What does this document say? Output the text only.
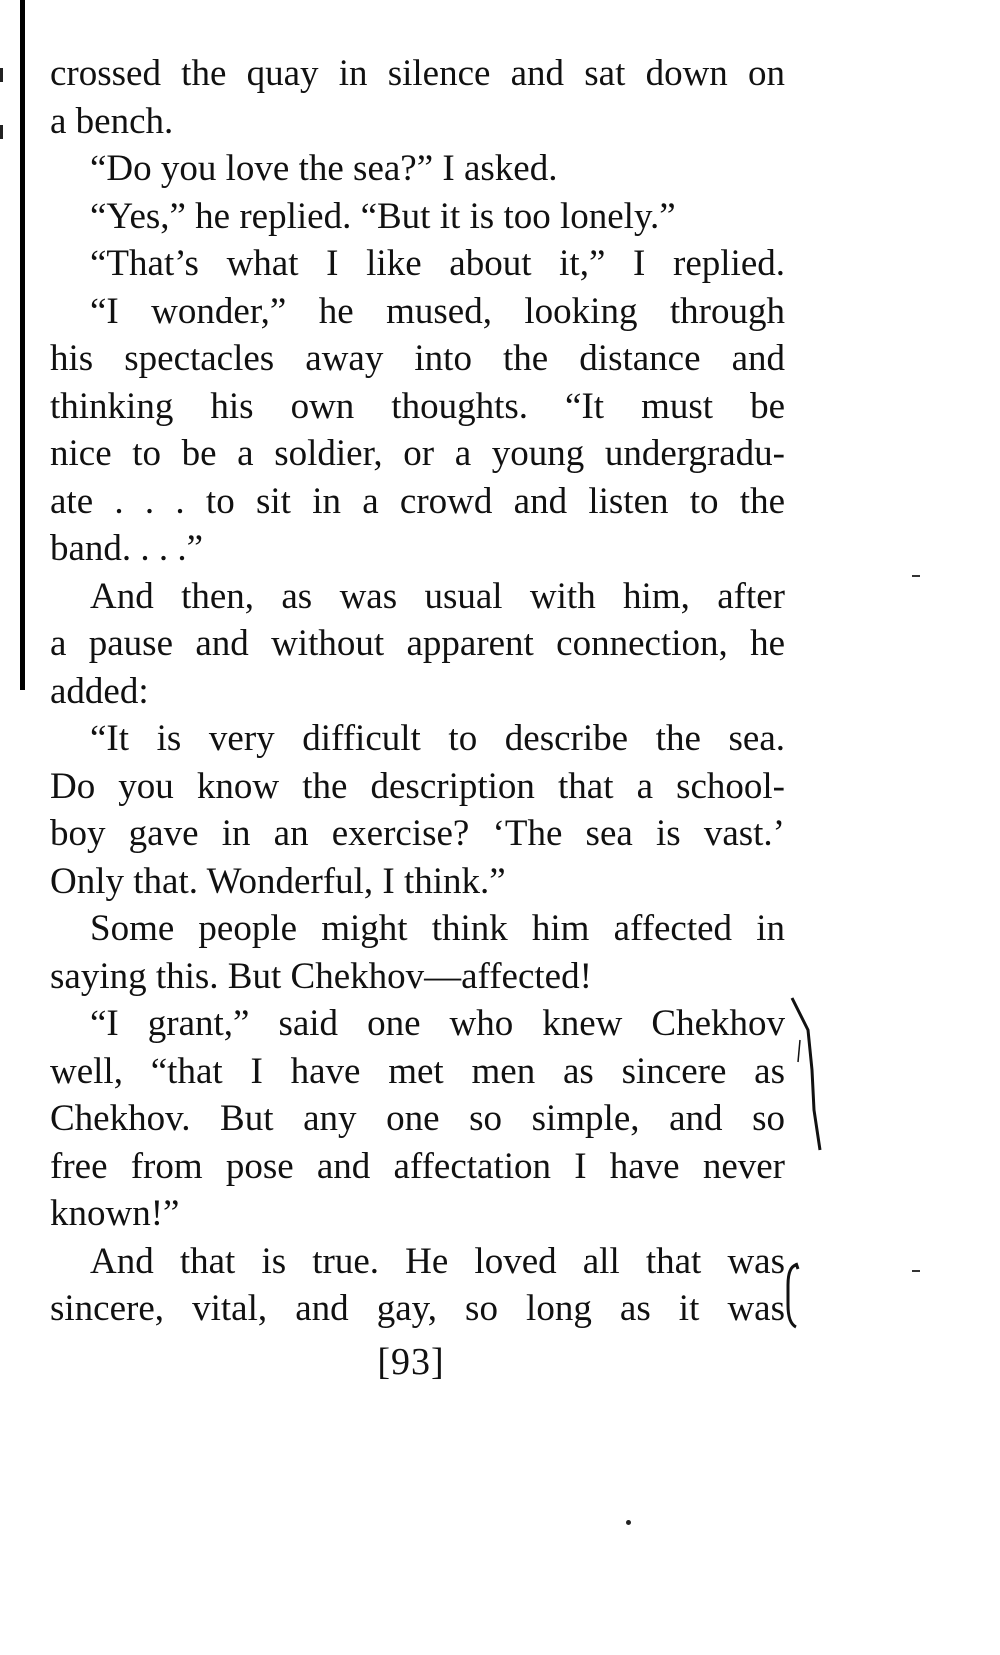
crossed the quay in silence and sat down on
a bench.
“Do you love the sea?” I asked.
“Yes,” he replied. “But it is too lonely.”
“That’s what I like about it,” I replied.
“I wonder,” he mused, looking through
his spectacles away into the distance and
thinking his own thoughts. “It must be
nice to be a soldier, or a young undergradu-
ate . . . to sit in a crowd and listen to the
band. . . .”
And then, as was usual with him, after
a pause and without apparent connection, he
added:
“It is very difficult to describe the sea.
Do you know the description that a school-
boy gave in an exercise? ‘The sea is vast.’
Only that. Wonderful, I think.”
Some people might think him affected in
saying this. But Chekhov—affected!
“I grant,” said one who knew Chekhov
well, “that I have met men as sincere as
Chekhov. But any one so simple, and so
free from pose and affectation I have never
known!”
And that is true. He loved all that was
sincere, vital, and gay, so long as it was
[93]
